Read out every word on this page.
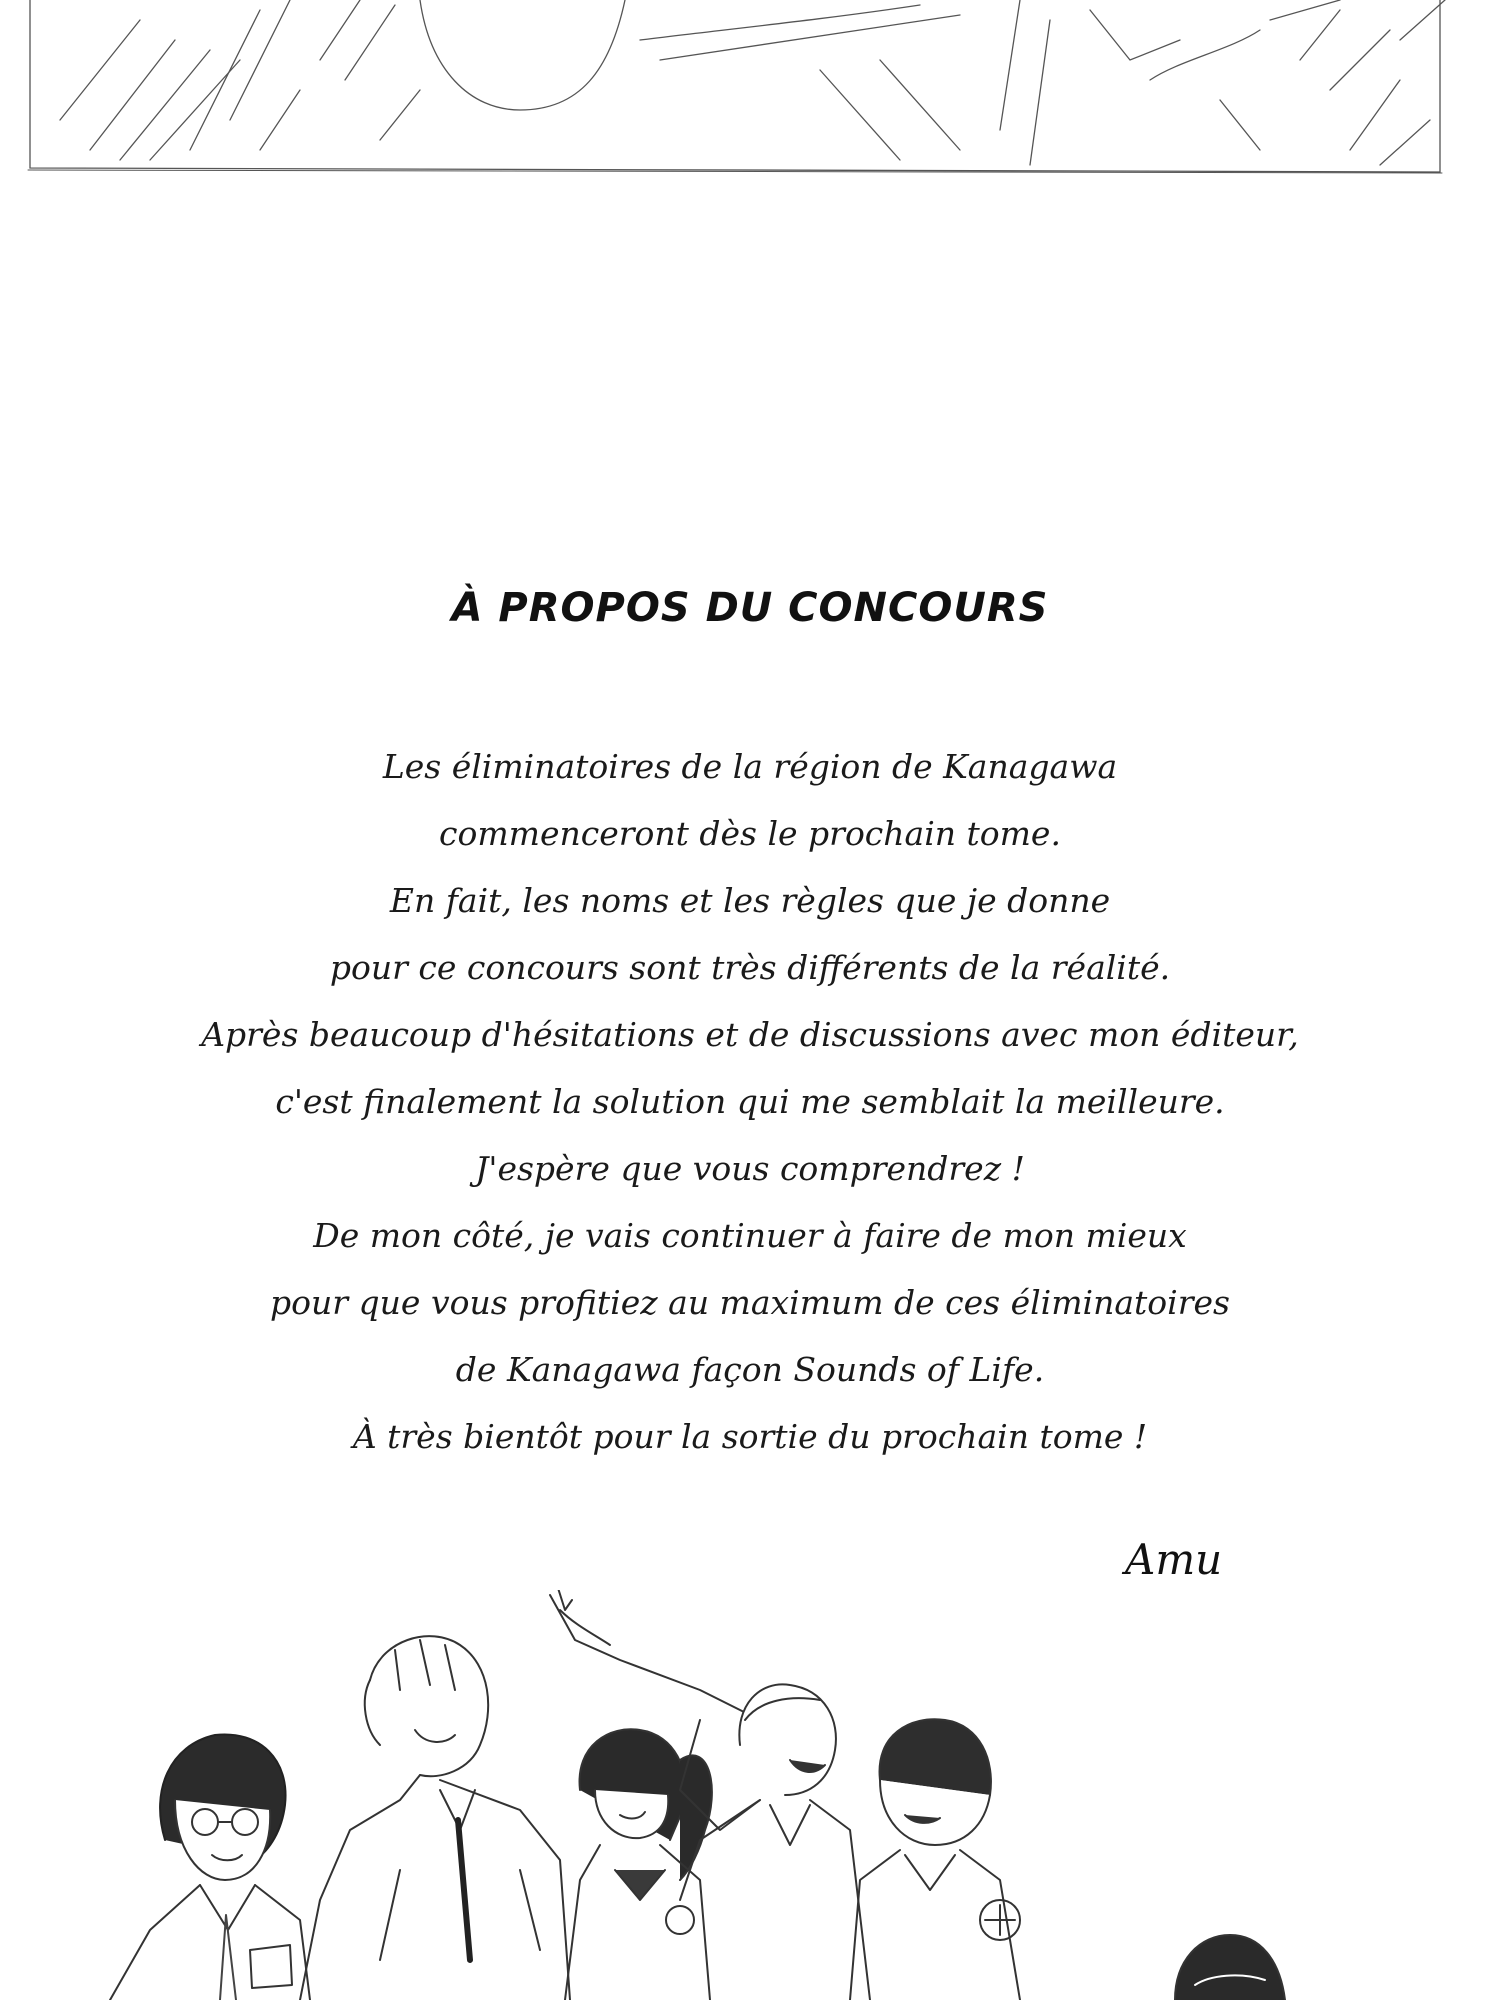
À PROPOS DU CONCOURS
Les éliminatoires de la région de Kanagawa
commenceront dès le prochain tome.
En fait, les noms et les règles que je donne
pour ce concours sont très différents de la réalité.
Après beaucoup d'hésitations et de discussions avec mon éditeur,
c'est finalement la solution qui me semblait la meilleure.
J'espère que vous comprendrez !
De mon côté, je vais continuer à faire de mon mieux
pour que vous profitiez au maximum de ces éliminatoires
de Kanagawa façon Sounds of Life.
À très bientôt pour la sortie du prochain tome !
Amu
